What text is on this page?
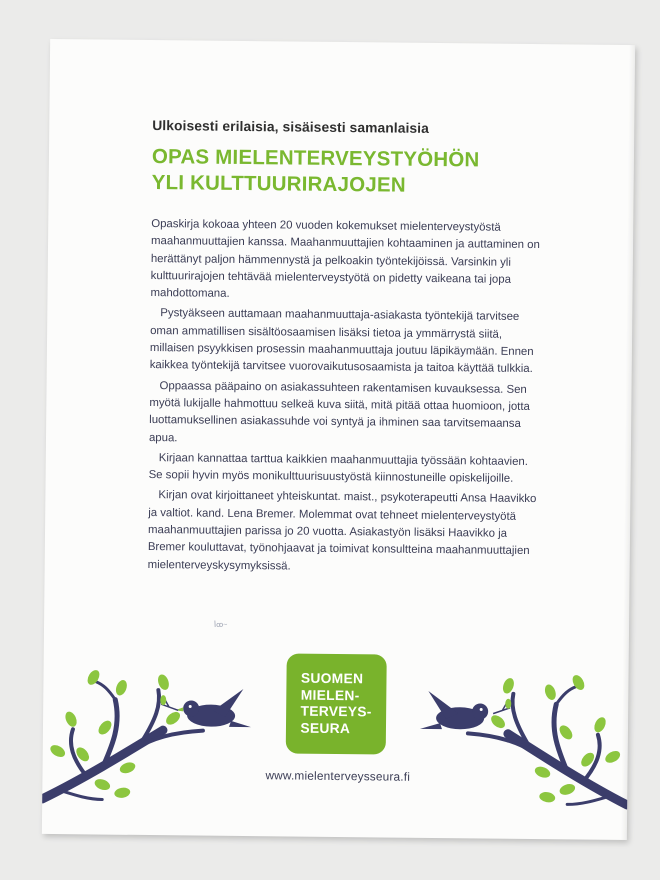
Ulkoisesti erilaisia, sisäisesti samanlaisia
OPAS MIELENTERVEYSTYÖHÖN
YLI KULTTUURIRAJOJEN

Opaskirja kokoaa yhteen 20 vuoden kokemukset mielenterveystyöstä maahanmuuttajien kanssa. Maahanmuuttajien kohtaaminen ja auttaminen on herättänyt paljon hämmennystä ja pelkoakin työntekijöissä. Varsinkin yli kulttuurirajojen tehtävää mielenterveystyötä on pidetty vaikeana tai jopa mahdottomana.

Pystyäkseen auttamaan maahanmuuttaja-asiakasta työntekijä tarvitsee oman ammatillisen sisältöosaamisen lisäksi tietoa ja ymmärrystä siitä, millaisen psyykkisen prosessin maahanmuuttaja joutuu läpikäymään. Ennen kaikkea työntekijä tarvitsee vuorovaikutusosaamista ja taitoa käyttää tulkkia.

Oppaassa pääpaino on asiakassuhteen rakentamisen kuvauksessa. Sen myötä lukijalle hahmottuu selkeä kuva siitä, mitä pitää ottaa huomioon, jotta luottamuksellinen asiakassuhde voi syntyä ja ihminen saa tarvitsemaansa apua.

Kirjaan kannattaa tarttua kaikkien maahanmuuttajia työssään kohtaavien. Se sopii hyvin myös monikulttuurisuustyöstä kiinnostuneille opiskelijoille.

Kirjan ovat kirjoittaneet yhteiskuntat. maist., psykoterapeutti Ansa Haavikko ja valtiot. kand. Lena Bremer. Molemmat ovat tehneet mielenterveystyötä maahanmuuttajien parissa jo 20 vuotta. Asiakastyön lisäksi Haavikko ja Bremer kouluttavat, työnohjaavat ja toimivat konsultteina maahanmuuttajien mielenterveyskysymyksissä.

ꟾꝏ~
SUOMEN
MIELEN-
TERVEYS-
SEURA

www.mielenterveysseura.fi
